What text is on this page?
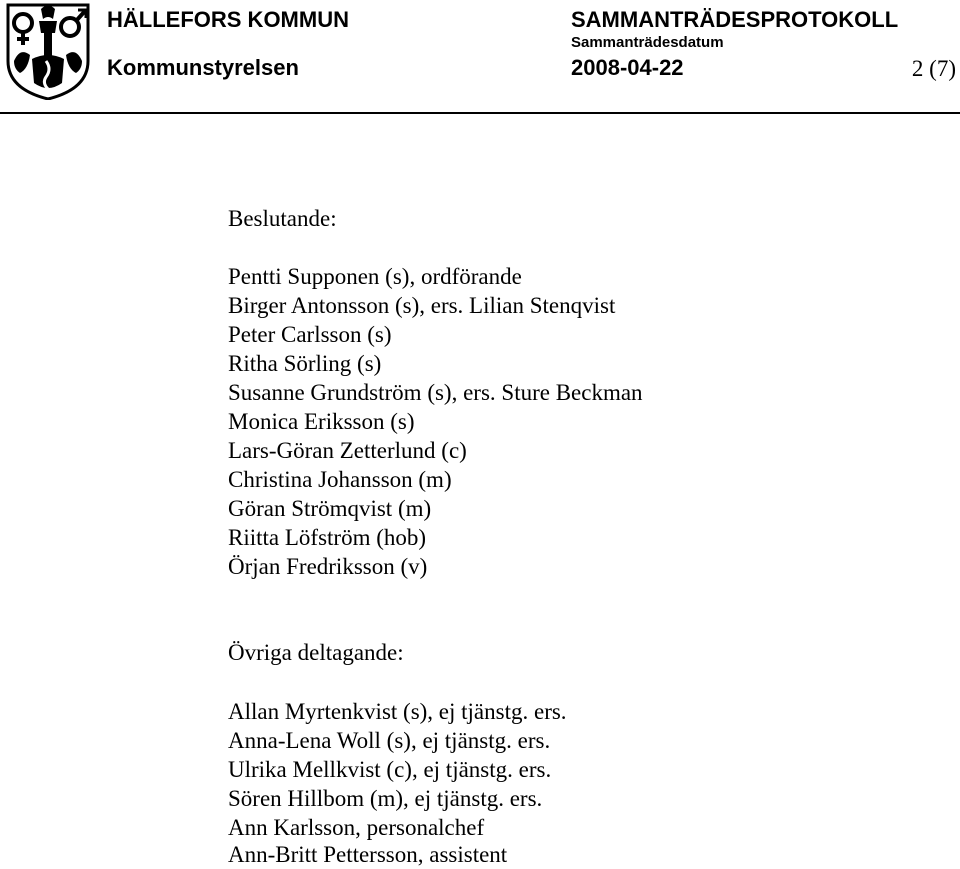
HÄLLEFORS KOMMUN
Kommunstyrelsen
SAMMANTRÄDESPROTOKOLL
Sammanträdesdatum
2008-04-22	2 (7)
Beslutande:
Pentti Supponen (s), ordförande
Birger Antonsson (s), ers. Lilian Stenqvist
Peter Carlsson (s)
Ritha Sörling (s)
Susanne Grundström (s), ers. Sture Beckman
Monica Eriksson (s)
Lars-Göran Zetterlund (c)
Christina Johansson (m)
Göran Strömqvist (m)
Riitta Löfström (hob)
Örjan Fredriksson (v)
Övriga deltagande:
Allan Myrtenkvist (s), ej tjänstg. ers.
Anna-Lena Woll (s), ej tjänstg. ers.
Ulrika Mellkvist (c), ej tjänstg. ers.
Sören Hillbom (m), ej tjänstg. ers.
Ann Karlsson, personalchef
Ann-Britt Pettersson, assistent
